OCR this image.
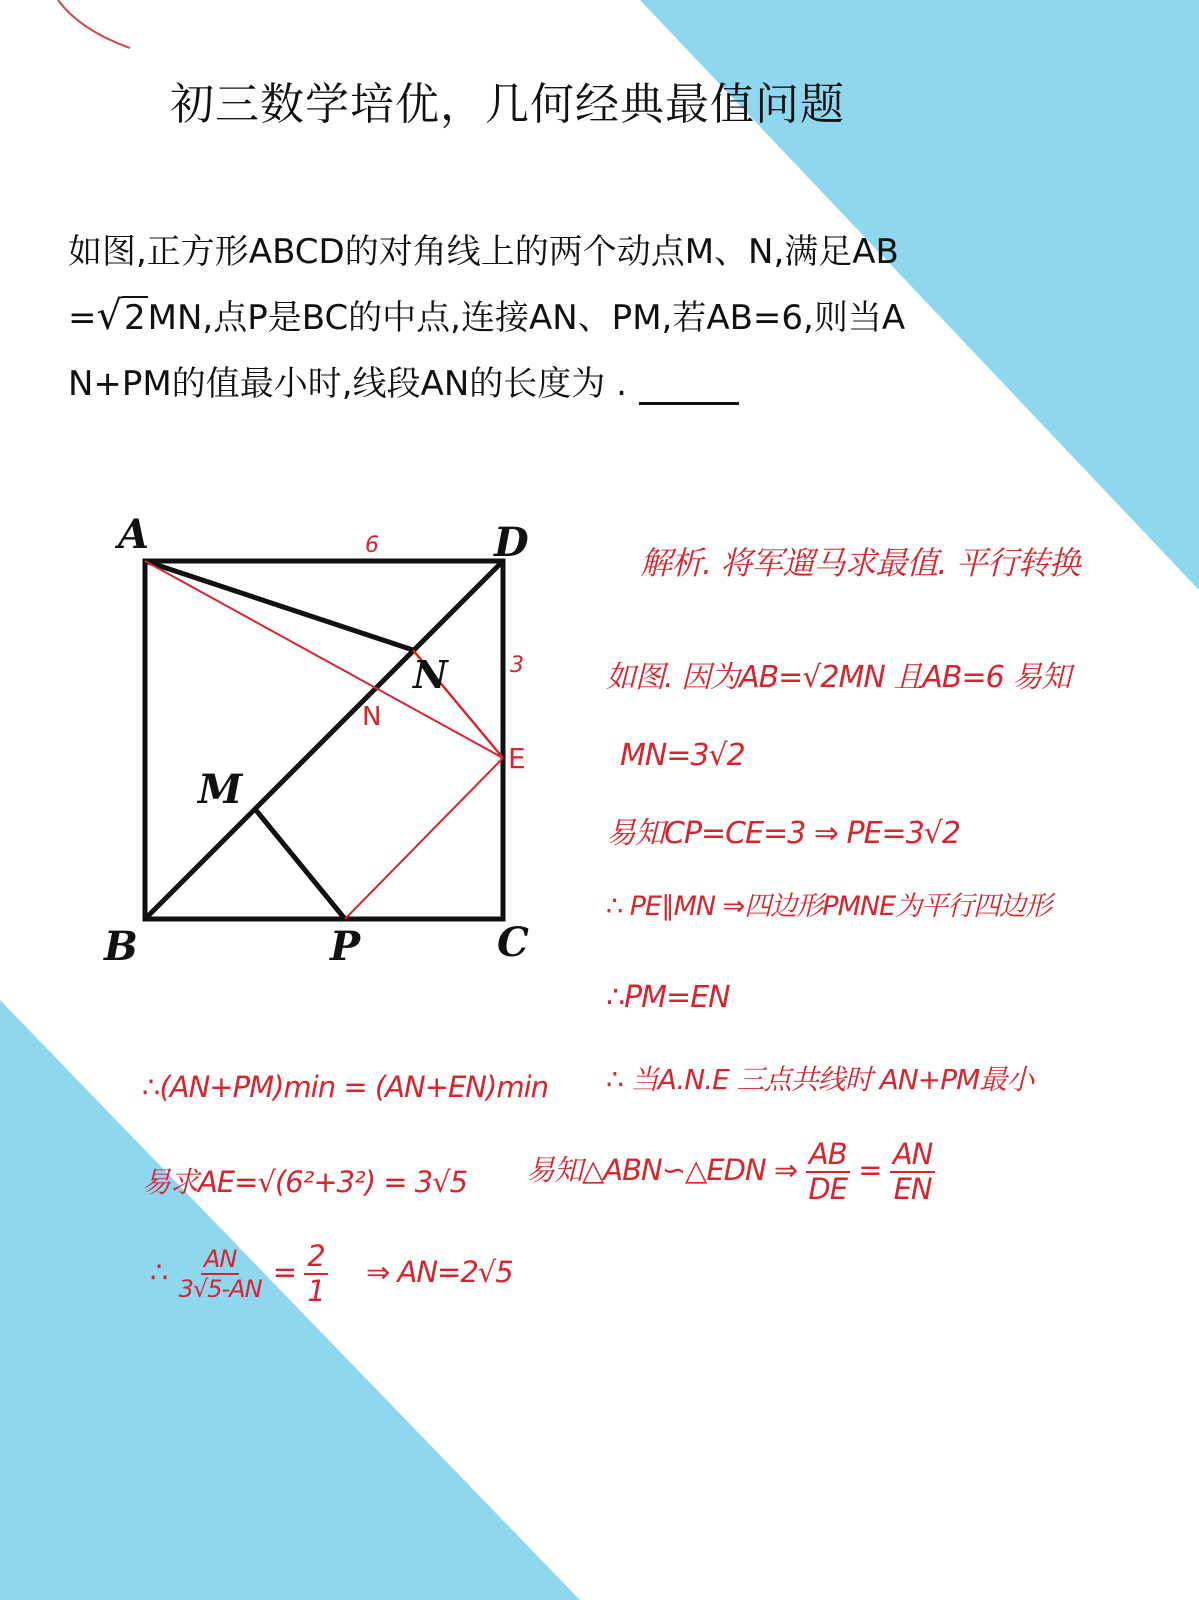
初三数学培优，几何经典最值问题
如图,正方形ABCD的对角线上的两个动点M、N,满足AB
=√2MN,点P是BC的中点,连接AN、PM,若AB=6,则当A
N+PM的值最小时,线段AN的长度为 .
A	D
B	C
P
M
N
6
3
E
N
解析. 将军遛马求最值. 平行转换
如图. 因为AB=√2MN 且AB=6 易知
MN=3√2
易知CP=CE=3 ⇒ PE=3√2
∴ PE∥MN ⇒四边形PMNE为平行四边形
∴PM=EN
∴ 当A.N.E 三点共线时 AN+PM最小
∴(AN+PM)min = (AN+EN)min
易求AE=√(6²+3²) = 3√5 易知△ABN∽△EDN ⇒ $\frac{AB}{DE} = \frac{AN}{EN}$
∴ $\frac{AN}{3√5-AN} = \frac{2}{1}$ ⇒ AN=2√5
